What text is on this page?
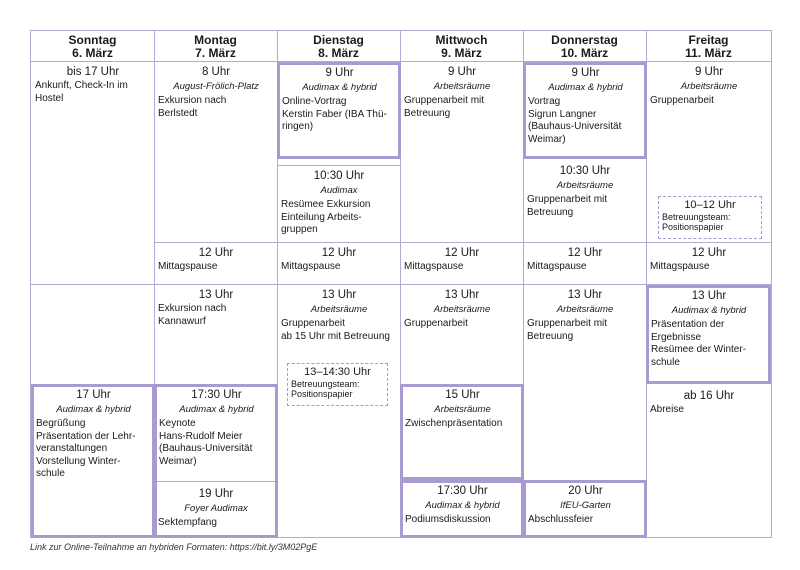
Sonntag
6. März
Montag
7. März
Dienstag
8. März
Mittwoch
9. März
Donnerstag
10. März
Freitag
11. März
bis 17 Uhr
Ankunft, Check-In im
Hostel
17 Uhr
Audimax & hybrid
Begrüßung
Präsentation der Lehr-
veranstaltungen
Vorstellung Winter-
schule
8 Uhr
August-Frölich-Platz
Exkursion nach
Berlstedt
12 Uhr
Mittagspause
13 Uhr
Exkursion nach
Kannawurf
17:30 Uhr
Audimax & hybrid
Keynote
Hans-Rudolf Meier
(Bauhaus-Universität
Weimar)
19 Uhr
Foyer Audimax
Sektempfang
9 Uhr
Audimax & hybrid
Online-Vortrag
Kerstin Faber (IBA Thü-
ringen)
10:30 Uhr
Audimax
Resümee Exkursion
Einteilung Arbeits-
gruppen
12 Uhr
Mittagspause
13 Uhr
Arbeitsräume
Gruppenarbeit
ab 15 Uhr mit Betreuung
13–14:30 Uhr
Betreuungsteam:
Positionspapier
9 Uhr
Arbeitsräume
Gruppenarbeit mit
Betreuung
12 Uhr
Mittagspause
13 Uhr
Arbeitsräume
Gruppenarbeit
15 Uhr
Arbeitsräume
Zwischenpräsentation
17:30 Uhr
Audimax & hybrid
Podiumsdiskussion
9 Uhr
Audimax & hybrid
Vortrag
Sigrun Langner
(Bauhaus-Universität
Weimar)
10:30 Uhr
Arbeitsräume
Gruppenarbeit mit
Betreuung
12 Uhr
Mittagspause
13 Uhr
Arbeitsräume
Gruppenarbeit mit
Betreuung
20 Uhr
IfEU-Garten
Abschlussfeier
9 Uhr
Arbeitsräume
Gruppenarbeit
10–12 Uhr
Betreuungsteam:
Positionspapier
12 Uhr
Mittagspause
13 Uhr
Audimax & hybrid
Präsentation der
Ergebnisse
Resümee der Winter-
schule
ab 16 Uhr
Abreise
Link zur Online-Teilnahme an hybriden Formaten: https://bit.ly/3M02PgE
